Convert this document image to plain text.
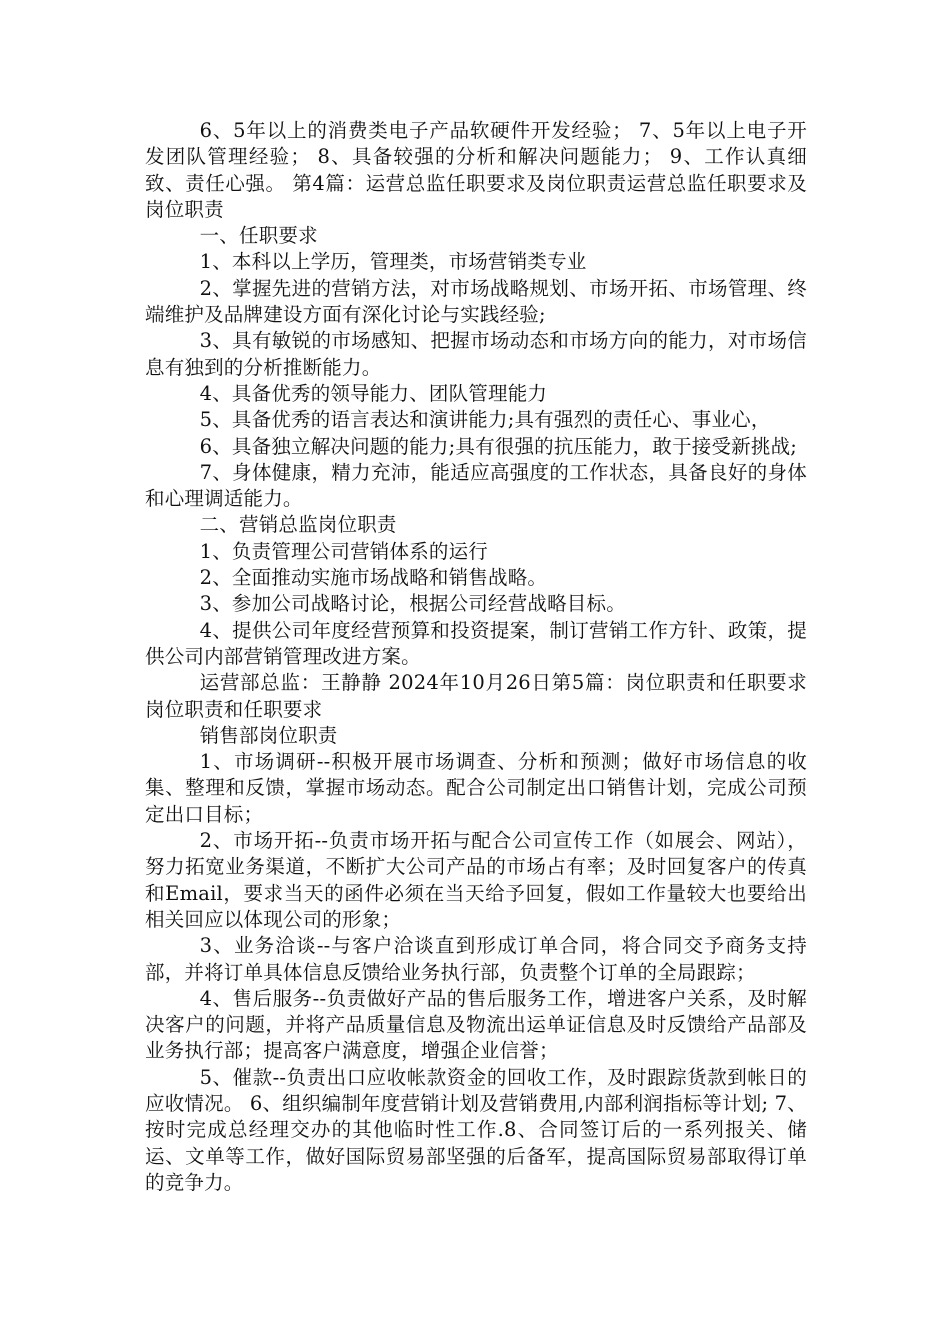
6、5年以上的消费类电子产品软硬件开发经验； 7、5年以上电子开发团队管理经验； 8、具备较强的分析和解决问题能力； 9、工作认真细致、责任心强。 第4篇：运营总监任职要求及岗位职责运营总监任职要求及岗位职责

一、任职要求

1、本科以上学历，管理类，市场营销类专业

2、掌握先进的营销方法，对市场战略规划、市场开拓、市场管理、终端维护及品牌建设方面有深化讨论与实践经验;

3、具有敏锐的市场感知、把握市场动态和市场方向的能力，对市场信息有独到的分析推断能力。

4、具备优秀的领导能力、团队管理能力

5、具备优秀的语言表达和演讲能力;具有强烈的责任心、事业心，

6、具备独立解决问题的能力;具有很强的抗压能力，敢于接受新挑战;

7、身体健康，精力充沛，能适应高强度的工作状态，具备良好的身体和心理调适能力。

二、营销总监岗位职责

1、负责管理公司营销体系的运行

2、全面推动实施市场战略和销售战略。

3、参加公司战略讨论，根据公司经营战略目标。

4、提供公司年度经营预算和投资提案，制订营销工作方针、政策，提供公司内部营销管理改进方案。

运营部总监：王静静 2024年10月26日第5篇：岗位职责和任职要求岗位职责和任职要求

销售部岗位职责

1、市场调研--积极开展市场调查、分析和预测；做好市场信息的收集、整理和反馈，掌握市场动态。配合公司制定出口销售计划，完成公司预定出口目标；

2、市场开拓--负责市场开拓与配合公司宣传工作（如展会、网站），努力拓宽业务渠道，不断扩大公司产品的市场占有率；及时回复客户的传真和Email，要求当天的函件必须在当天给予回复，假如工作量较大也要给出相关回应以体现公司的形象；

3、业务洽谈--与客户洽谈直到形成订单合同，将合同交予商务支持部，并将订单具体信息反馈给业务执行部，负责整个订单的全局跟踪；

4、售后服务--负责做好产品的售后服务工作，增进客户关系，及时解决客户的问题，并将产品质量信息及物流出运单证信息及时反馈给产品部及业务执行部；提高客户满意度，增强企业信誉；

5、催款--负责出口应收帐款资金的回收工作，及时跟踪货款到帐日的应收情况。 6、组织编制年度营销计划及营销费用,内部利润指标等计划; 7、按时完成总经理交办的其他临时性工作.8、合同签订后的一系列报关、储运、文单等工作，做好国际贸易部坚强的后备军，提高国际贸易部取得订单的竞争力。
